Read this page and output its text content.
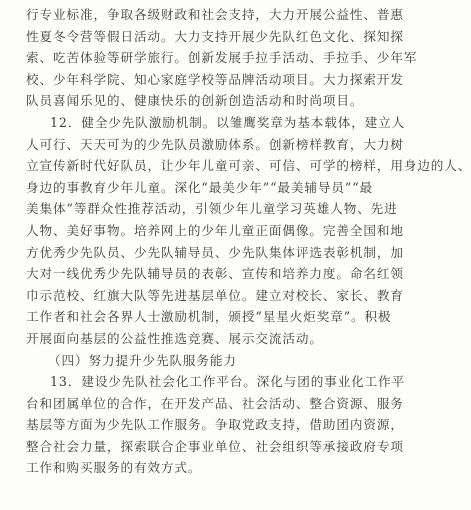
行专业标准，争取各级财政和社会支持，大力开展公益性、普惠
性夏冬令营等假日活动。大力支持开展少先队红色文化、探知探
索、吃苦体验等研学旅行。创新发展手拉手活动、手拉手、少年军
校、少年科学院、知心家庭学校等品牌活动项目。大力探索开发
队员喜闻乐见的、健康快乐的创新创造活动和时尚项目。
12．健全少先队激励机制。以雏鹰奖章为基本载体，建立人
人可行、天天可为的少先队员激励体系。创新榜样教育，大力树
立宣传新时代好队员，让少年儿童可亲、可信、可学的榜样，用身边的人、
身边的事教育少年儿童。深化“最美少年”“最美辅导员”“最
美集体”等群众性推荐活动，引领少年儿童学习英雄人物、先进
人物、美好事物。培养网上的少年儿童正面偶像。完善全国和地
方优秀少先队员、少先队辅导员、少先队集体评选表彰机制，加
大对一线优秀少先队辅导员的表彰、宣传和培养力度。命名红领
巾示范校、红旗大队等先进基层单位。建立对校长、家长、教育
工作者和社会各界人士激励机制，颁授“星星火炬奖章”。积极
开展面向基层的公益性推选竞赛、展示交流活动。
（四）努力提升少先队服务能力
13．建设少先队社会化工作平台。深化与团的事业化工作平
台和团属单位的合作，在开发产品、社会活动、整合资源、服务
基层等方面为少先队工作服务。争取党政支持，借助团内资源，
整合社会力量，探索联合企事业单位、社会组织等承接政府专项
工作和购买服务的有效方式。
